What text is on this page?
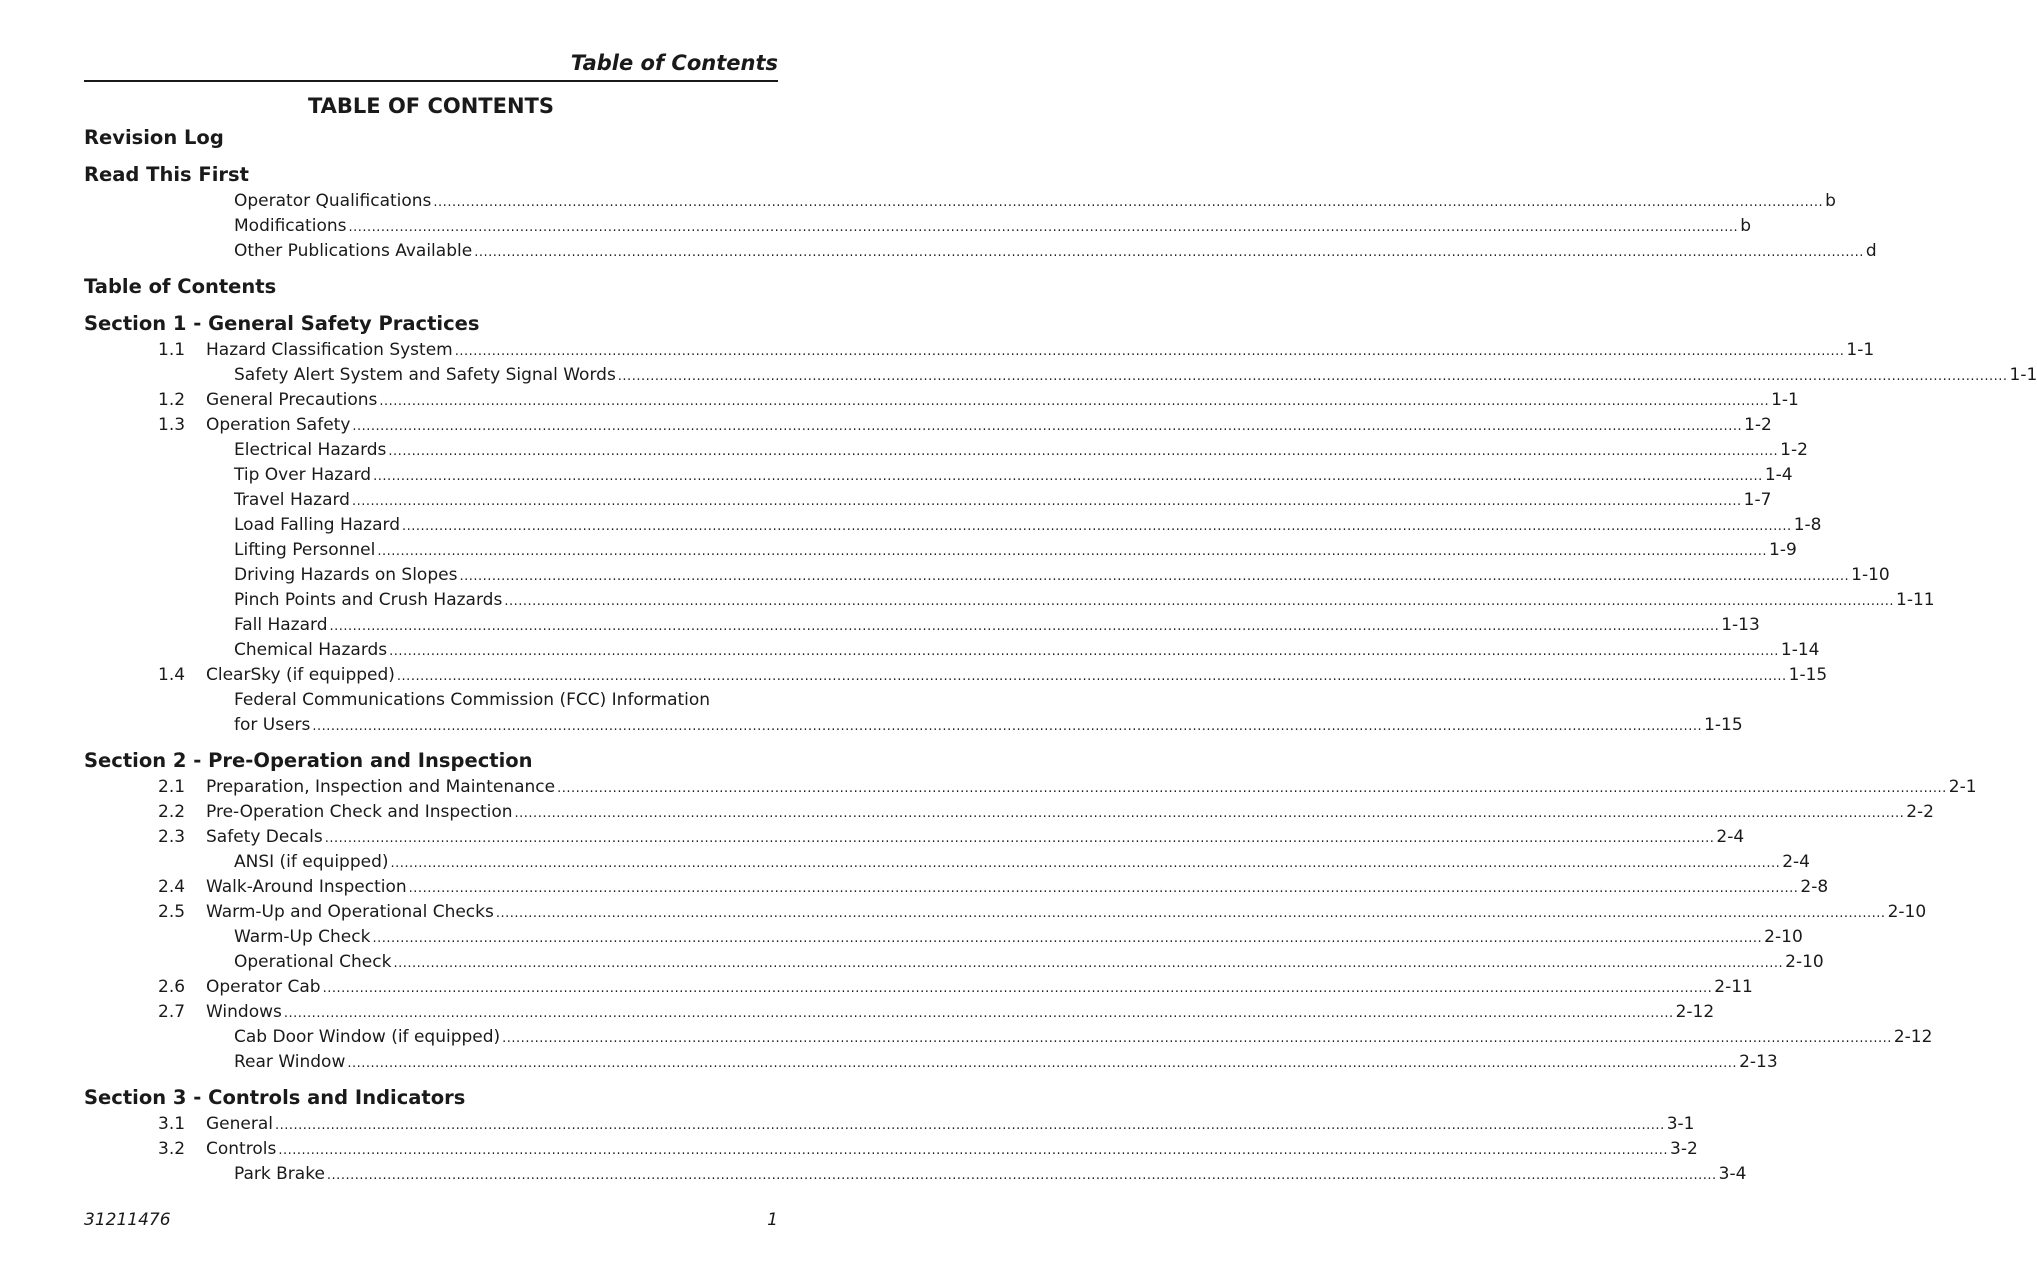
Table of Contents
TABLE OF CONTENTS
Revision Log
Read This First
Operator Qualifications ............................................................................................................................................................................................................................................................................................................ b
Modifications ............................................................................................................................................................................................................................................................................................................ b
Other Publications Available ............................................................................................................................................................................................................................................................................................................ d
Table of Contents
Section 1 - General Safety Practices
1.1 Hazard Classification System ............................................................................................................................................................................................................................................................................................................ 1-1
Safety Alert System and Safety Signal Words ............................................................................................................................................................................................................................................................................................................ 1-1
1.2 General Precautions ............................................................................................................................................................................................................................................................................................................ 1-1
1.3 Operation Safety ............................................................................................................................................................................................................................................................................................................ 1-2
Electrical Hazards ............................................................................................................................................................................................................................................................................................................ 1-2
Tip Over Hazard ............................................................................................................................................................................................................................................................................................................ 1-4
Travel Hazard ............................................................................................................................................................................................................................................................................................................ 1-7
Load Falling Hazard ............................................................................................................................................................................................................................................................................................................ 1-8
Lifting Personnel ............................................................................................................................................................................................................................................................................................................ 1-9
Driving Hazards on Slopes ............................................................................................................................................................................................................................................................................................................ 1-10
Pinch Points and Crush Hazards ............................................................................................................................................................................................................................................................................................................ 1-11
Fall Hazard ............................................................................................................................................................................................................................................................................................................ 1-13
Chemical Hazards ............................................................................................................................................................................................................................................................................................................ 1-14
1.4 ClearSky (if equipped) ............................................................................................................................................................................................................................................................................................................ 1-15
Federal Communications Commission (FCC) Information
for Users ............................................................................................................................................................................................................................................................................................................ 1-15
Section 2 - Pre-Operation and Inspection
2.1 Preparation, Inspection and Maintenance ............................................................................................................................................................................................................................................................................................................ 2-1
2.2 Pre-Operation Check and Inspection ............................................................................................................................................................................................................................................................................................................ 2-2
2.3 Safety Decals ............................................................................................................................................................................................................................................................................................................ 2-4
ANSI (if equipped) ............................................................................................................................................................................................................................................................................................................ 2-4
2.4 Walk-Around Inspection ............................................................................................................................................................................................................................................................................................................ 2-8
2.5 Warm-Up and Operational Checks ............................................................................................................................................................................................................................................................................................................ 2-10
Warm-Up Check ............................................................................................................................................................................................................................................................................................................ 2-10
Operational Check ............................................................................................................................................................................................................................................................................................................ 2-10
2.6 Operator Cab ............................................................................................................................................................................................................................................................................................................ 2-11
2.7 Windows ............................................................................................................................................................................................................................................................................................................ 2-12
Cab Door Window (if equipped) ............................................................................................................................................................................................................................................................................................................ 2-12
Rear Window ............................................................................................................................................................................................................................................................................................................ 2-13
Section 3 - Controls and Indicators
3.1 General ............................................................................................................................................................................................................................................................................................................ 3-1
3.2 Controls ............................................................................................................................................................................................................................................................................................................ 3-2
Park Brake ............................................................................................................................................................................................................................................................................................................ 3-4
31211476	1
